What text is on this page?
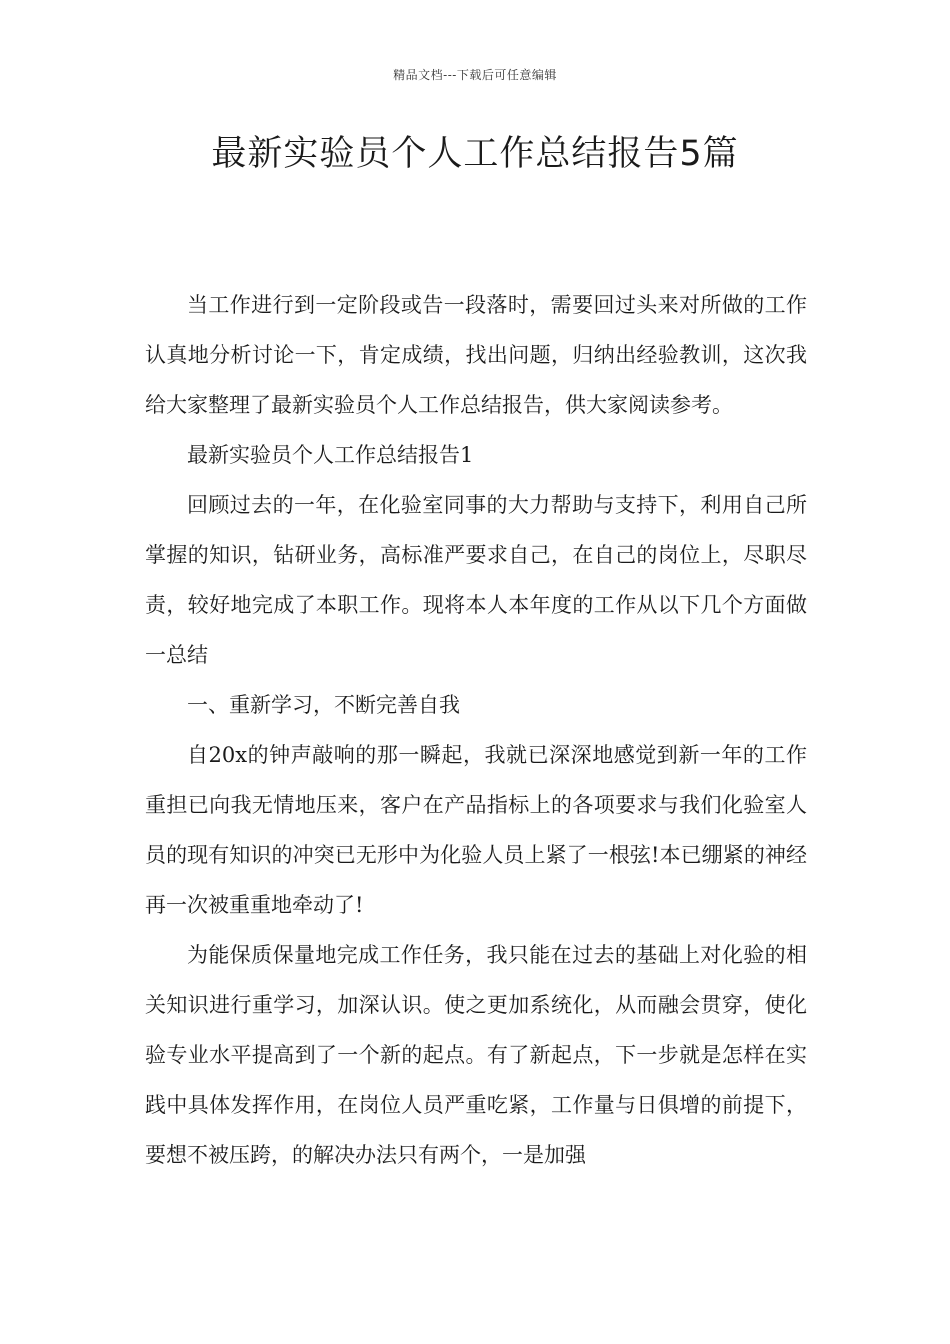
精品文档---下载后可任意编辑
最新实验员个人工作总结报告5篇

当工作进行到一定阶段或告一段落时，需要回过头来对所做的工作认真地分析讨论一下，肯定成绩，找出问题，归纳出经验教训，这次我给大家整理了最新实验员个人工作总结报告，供大家阅读参考。

最新实验员个人工作总结报告1

回顾过去的一年，在化验室同事的大力帮助与支持下，利用自己所掌握的知识，钻研业务，高标准严要求自己，在自己的岗位上，尽职尽责，较好地完成了本职工作。现将本人本年度的工作从以下几个方面做一总结

一、重新学习，不断完善自我

自20x的钟声敲响的那一瞬起，我就已深深地感觉到新一年的工作重担已向我无情地压来，客户在产品指标上的各项要求与我们化验室人员的现有知识的冲突已无形中为化验人员上紧了一根弦!本已绷紧的神经再一次被重重地牵动了!

为能保质保量地完成工作任务，我只能在过去的基础上对化验的相关知识进行重学习，加深认识。使之更加系统化，从而融会贯穿，使化验专业水平提高到了一个新的起点。有了新起点，下一步就是怎样在实践中具体发挥作用，在岗位人员严重吃紧，工作量与日俱增的前提下，要想不被压跨，的解决办法只有两个，一是加强
